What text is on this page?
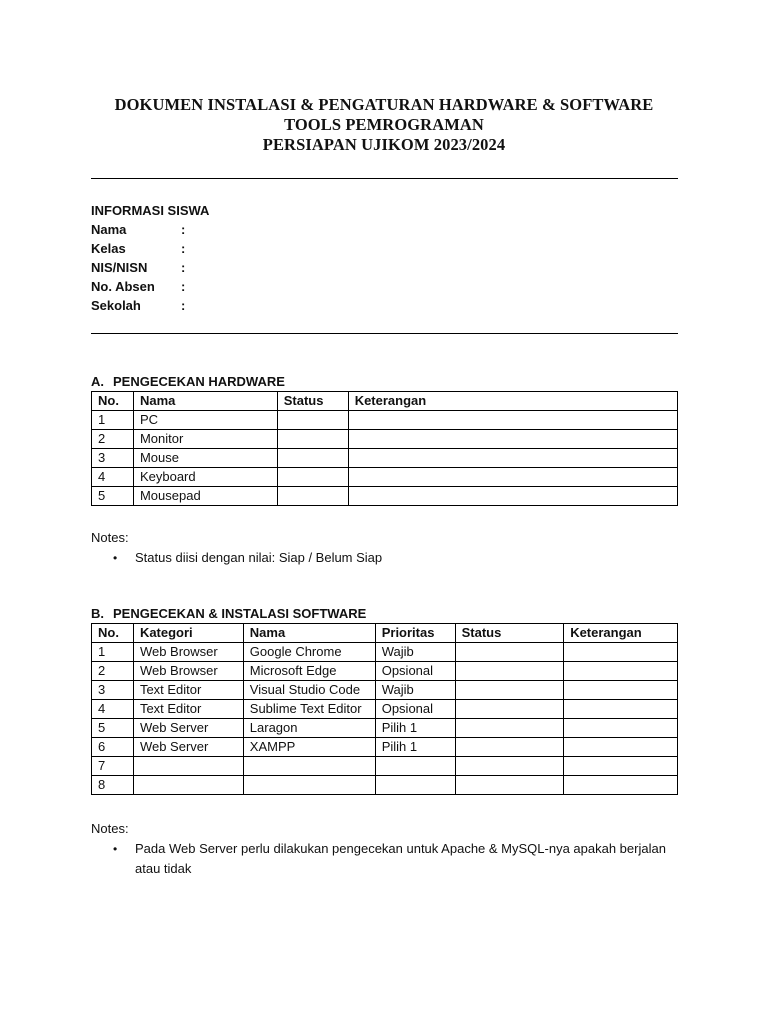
DOKUMEN INSTALASI & PENGATURAN HARDWARE & SOFTWARE
TOOLS PEMROGRAMAN
PERSIAPAN UJIKOM 2023/2024
INFORMASI SISWA
Nama	:
Kelas	:
NIS/NISN	:
No. Absen	:
Sekolah	:
A. PENGECEKAN HARDWARE
No.	Nama	Status	Keterangan
1	PC		
2	Monitor		
3	Mouse		
4	Keyboard		
5	Mousepad		
Notes:
•	Status diisi dengan nilai: Siap / Belum Siap
B. PENGECEKAN & INSTALASI SOFTWARE
No.	Kategori	Nama	Prioritas	Status	Keterangan
1	Web Browser	Google Chrome	Wajib		
2	Web Browser	Microsoft Edge	Opsional		
3	Text Editor	Visual Studio Code	Wajib		
4	Text Editor	Sublime Text Editor	Opsional		
5	Web Server	Laragon	Pilih 1		
6	Web Server	XAMPP	Pilih 1		
7					
8					
Notes:
•	Pada Web Server perlu dilakukan pengecekan untuk Apache & MySQL-nya apakah berjalan atau tidak
